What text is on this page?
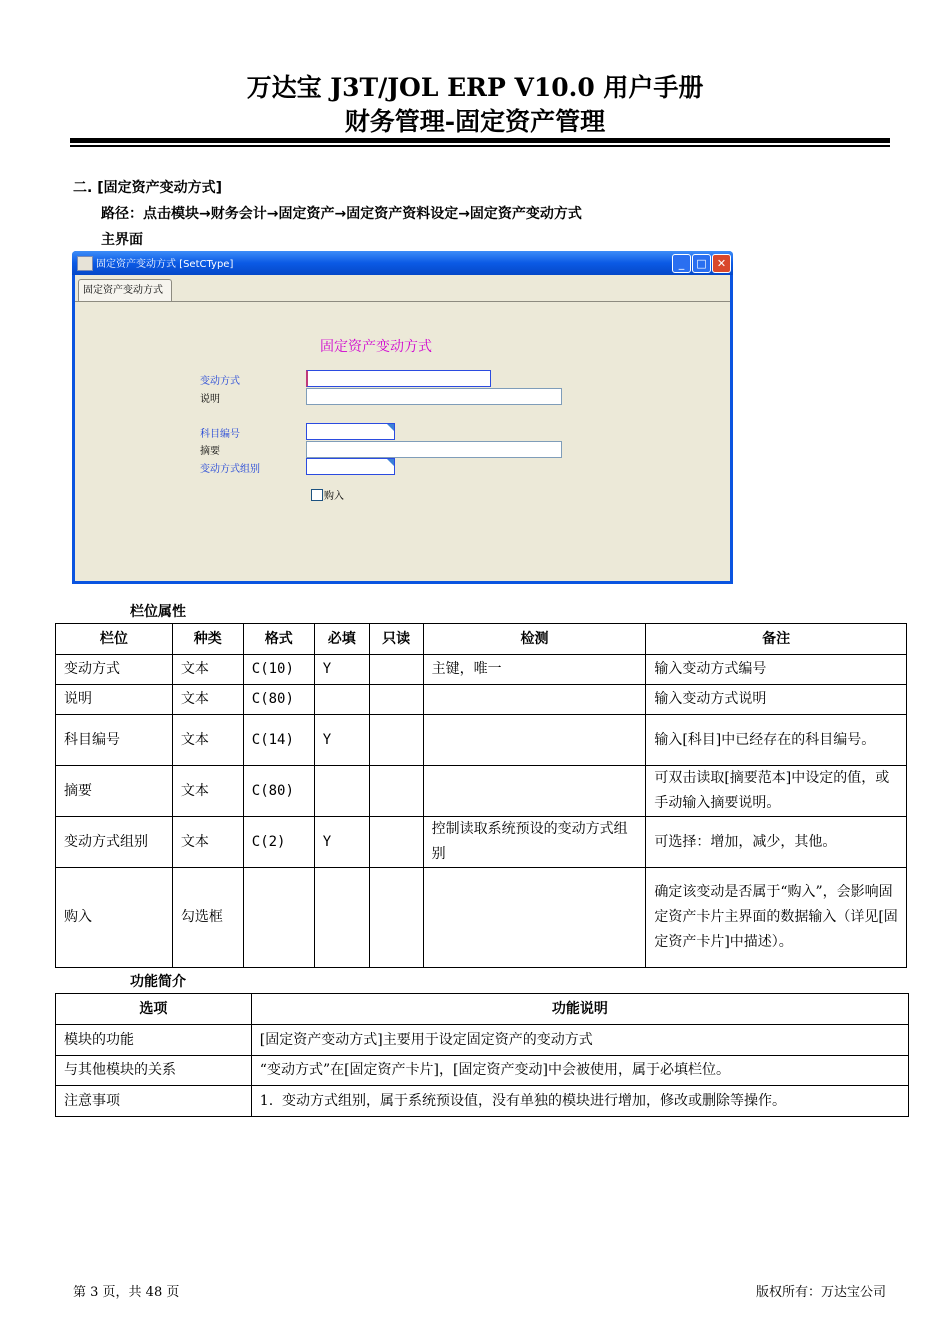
万达宝 J3T/JOL ERP V10.0 用户手册
财务管理-固定资产管理
二. [固定资产变动方式]
路径：点击模块→财务会计→固定资产→固定资产资料设定→固定资产变动方式
主界面
固定资产变动方式 [SetCType]	_	□ ✕
固定资产变动方式
固定资产变动方式
变动方式
说明
科目编号
摘要
变动方式组别
购入
栏位属性
栏位	种类	格式	必填	只读	检测	备注
变动方式	文本	C(10)	Y		主键，唯一	输入变动方式编号
说明	文本	C(80)				输入变动方式说明
科目编号	文本	C(14)	Y			输入[科目]中已经存在的科目编号。
摘要	文本	C(80)				可双击读取[摘要范本]中设定的值，或手动输入摘要说明。
变动方式组别	文本	C(2)	Y		控制读取系统预设的变动方式组别	可选择：增加，减少，其他。
购入	勾选框					确定该变动是否属于“购入”，会影响固定资产卡片主界面的数据输入（详见[固定资产卡片]中描述）。
功能简介
选项	功能说明
模块的功能	[固定资产变动方式]主要用于设定固定资产的变动方式
与其他模块的关系	“变动方式”在[固定资产卡片]，[固定资产变动]中会被使用，属于必填栏位。
注意事项	1.  变动方式组别，属于系统预设值，没有单独的模块进行增加，修改或删除等操作。
第 3 页，共 48 页	版权所有：万达宝公司
